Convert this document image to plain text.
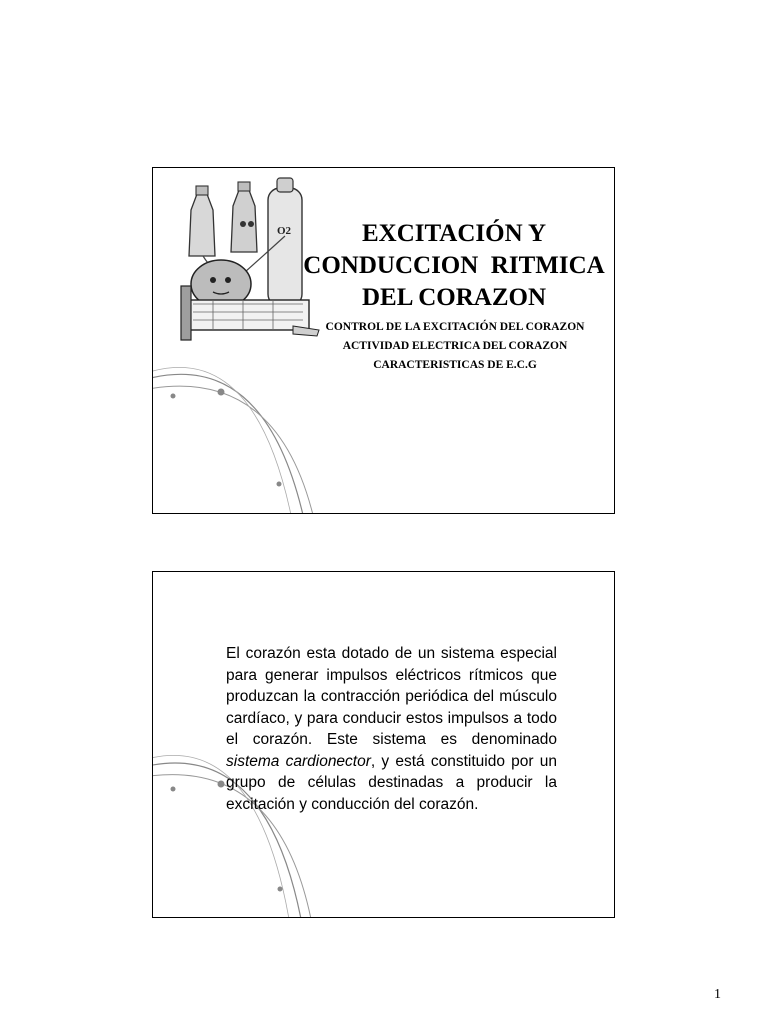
O2	EXCITACIÓN Y
CONDUCCION  RITMICA
DEL CORAZON
CONTROL DE LA EXCITACIÓN DEL CORAZON
ACTIVIDAD ELECTRICA DEL CORAZON
CARACTERISTICAS DE E.C.G

El corazón esta dotado de un sistema especial para generar impulsos eléctricos rítmicos que produzcan la contracción periódica del músculo cardíaco, y para conducir estos impulsos a todo el corazón. Este sistema es denominado sistema cardionector, y está constituido por un grupo de células destinadas a producir la excitación y conducción del corazón.

1
